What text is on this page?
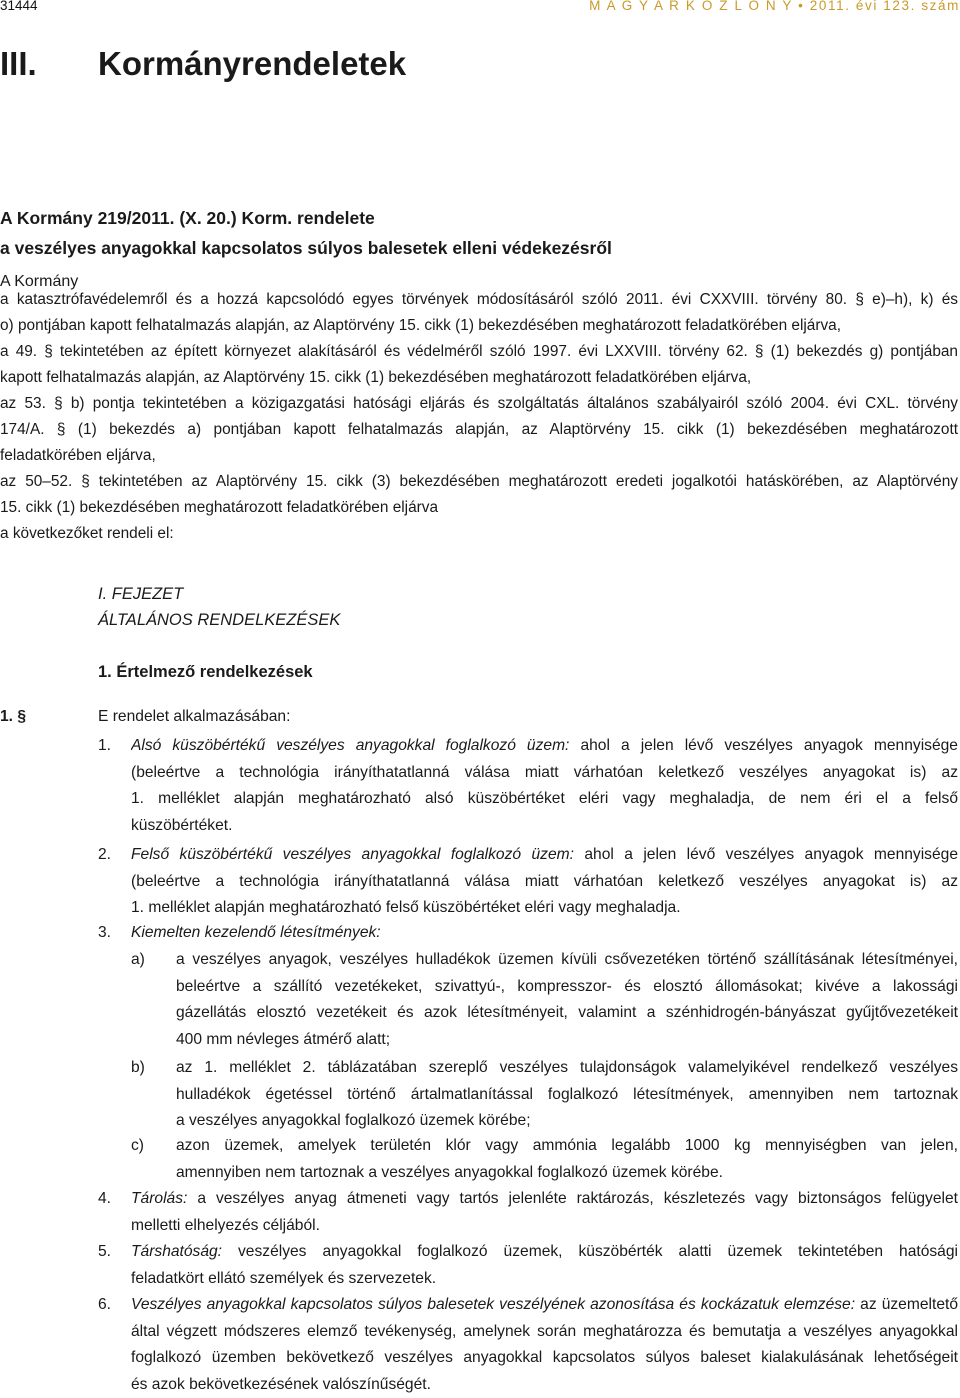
31444	M A G Y A R K Ö Z L Ö N Y • 2011. évi 123. szám
III. Kormányrendeletek
A Kormány 219/2011. (X. 20.) Korm. rendelete
a veszélyes anyagokkal kapcsolatos súlyos balesetek elleni védekezésről
A Kormány
a katasztrófavédelemről és a hozzá kapcsolódó egyes törvények módosításáról szóló 2011. évi CXXVIII. törvény 80. § e)–h), k) és
o) pontjában kapott felhatalmazás alapján, az Alaptörvény 15. cikk (1) bekezdésében meghatározott feladatkörében eljárva,
a 49. § tekintetében az épített környezet alakításáról és védelméről szóló 1997. évi LXXVIII. törvény 62. § (1) bekezdés g) pontjában
kapott felhatalmazás alapján, az Alaptörvény 15. cikk (1) bekezdésében meghatározott feladatkörében eljárva,
az 53. § b) pontja tekintetében a közigazgatási hatósági eljárás és szolgáltatás általános szabályairól szóló 2004. évi CXL. törvény
174/A. § (1) bekezdés a) pontjában kapott felhatalmazás alapján, az Alaptörvény 15. cikk (1) bekezdésében meghatározott
feladatkörében eljárva,
az 50–52. § tekintetében az Alaptörvény 15. cikk (3) bekezdésében meghatározott eredeti jogalkotói hatáskörében, az Alaptörvény
15. cikk (1) bekezdésében meghatározott feladatkörében eljárva
a következőket rendeli el:
I. FEJEZET
ÁLTALÁNOS RENDELKEZÉSEK
1. Értelmező rendelkezések
1. §	E rendelet alkalmazásában:
1. Alsó küszöbértékű veszélyes anyagokkal foglalkozó üzem: ahol a jelen lévő veszélyes anyagok mennyisége
(beleértve a technológia irányíthatatlanná válása miatt várhatóan keletkező veszélyes anyagokat is) az
1. melléklet alapján meghatározható alsó küszöbértéket eléri vagy meghaladja, de nem éri el a felső
küszöbértéket.
2. Felső küszöbértékű veszélyes anyagokkal foglalkozó üzem: ahol a jelen lévő veszélyes anyagok mennyisége
(beleértve a technológia irányíthatatlanná válása miatt várhatóan keletkező veszélyes anyagokat is) az
1. melléklet alapján meghatározható felső küszöbértéket eléri vagy meghaladja.
3. Kiemelten kezelendő létesítmények:
a) a veszélyes anyagok, veszélyes hulladékok üzemen kívüli csővezetéken történő szállításának létesítményei,
beleértve a szállító vezetékeket, szivattyú-, kompresszor- és elosztó állomásokat; kivéve a lakossági
gázellátás elosztó vezetékeit és azok létesítményeit, valamint a szénhidrogén-bányászat gyűjtővezetékeit
400 mm névleges átmérő alatt;
b) az 1. melléklet 2. táblázatában szereplő veszélyes tulajdonságok valamelyikével rendelkező veszélyes
hulladékok égetéssel történő ártalmatlanítással foglalkozó létesítmények, amennyiben nem tartoznak
a veszélyes anyagokkal foglalkozó üzemek körébe;
c) azon üzemek, amelyek területén klór vagy ammónia legalább 1000 kg mennyiségben van jelen,
amennyiben nem tartoznak a veszélyes anyagokkal foglalkozó üzemek körébe.
4. Tárolás: a veszélyes anyag átmeneti vagy tartós jelenléte raktározás, készletezés vagy biztonságos felügyelet
melletti elhelyezés céljából.
5. Társhatóság: veszélyes anyagokkal foglalkozó üzemek, küszöbérték alatti üzemek tekintetében hatósági
feladatkört ellátó személyek és szervezetek.
6. Veszélyes anyagokkal kapcsolatos súlyos balesetek veszélyének azonosítása és kockázatuk elemzése: az üzemeltető
által végzett módszeres elemző tevékenység, amelynek során meghatározza és bemutatja a veszélyes anyagokkal
foglalkozó üzemben bekövetkező veszélyes anyagokkal kapcsolatos súlyos baleset kialakulásának lehetőségeit
és azok bekövetkezésének valószínűségét.
